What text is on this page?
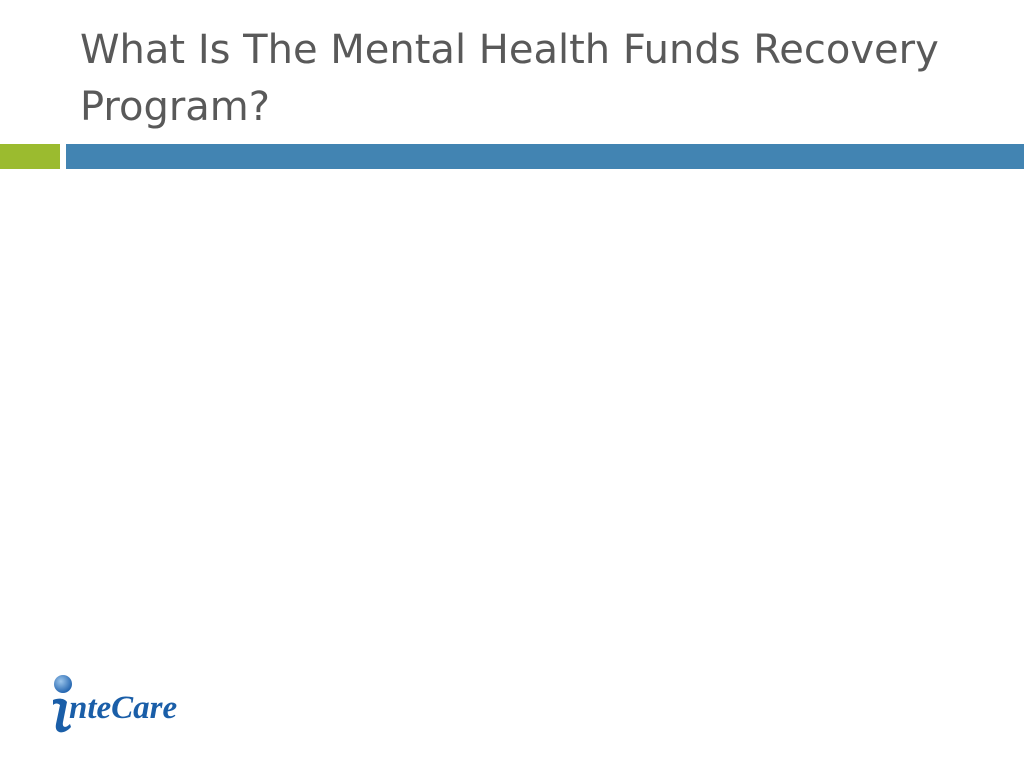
What Is The Mental Health Funds Recovery Program?
nteCare
